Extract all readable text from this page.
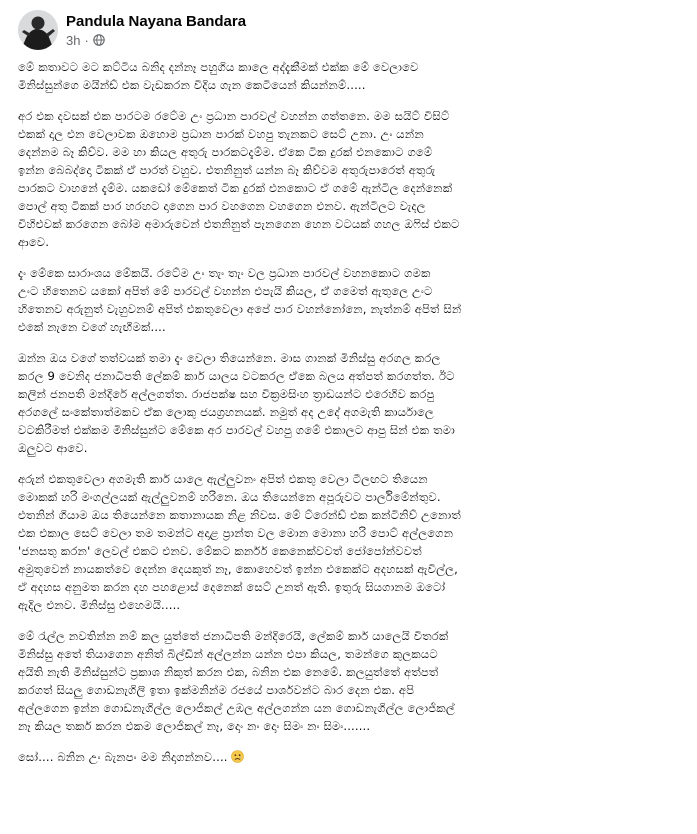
Pandula Nayana Bandara
3h ·

මේ කතාවට මට කට්ටිය බනිද දන්නෑ පහුගිය කාලෙ අද්දැකීමක් එක්ක මේ වෙලාවෙ
මිනිස්සුන්ගෙ මයින්ඩ් එක වැඩකරන විදිය ගැන කෙටියෙන් කියන්නම්.....

අර එක දවසක් එක පාරටම රටේම උං ප්‍රධාන පාරවල් වහන්න ගත්තනෙ. මම සයිට් විසිට්
එකක් දාල එන වෙලාවක ඔහොම ප්‍රධාන පාරක් වහපු තැනකට සෙට් උනා. උං යන්න
දෙන්නම බෑ කිව්ව. මම හා කියල අතුරු පාරකටදැම්ම. ඒකෙ ටික දුරක් එනකොට ගමේ
ඉන්න බෙබද්දො ටිකක් ඒ පාරත් වහුව. එතනිනුත් යන්න බෑ කිව්වම අතුරුපාරෙත් අතුරු
පාරකට වාහනේ දැම්ම. යකඩෝ මේකෙත් ටික දුරක් එනකොට ඒ ගමේ ඇන්ටිල දෙන්නෙක්
පොල් අතු ටිකක් පාර හරහට දාගෙන පාර වහගෙන වහගෙන එනව. ඇන්ටිලට වැදල
විහිළුවක් කරගෙන බෝම අමාරුවෙන් එතනිනුත් පැනගෙන හෙන වටයක් ගහල ඔෆිස් එකට
ආවෙ.

දැං මේකෙ සාරාංශය මේකයි. රටේම උං තැං තැං වල ප්‍රධාන පාරවල් වහනකොට ගමක
උංට හිතෙනව යකෝ අපිත් මේ පාරවල් වහන්න එපැයි කියල, ඒ ගමෙත් ඇතුලෙ උංට
හිතෙනව අරුනුත් වැහුවනම් අපිත් එකතුවෙලා අපේ පාර වහන්නෝනෙ, නැත්නම් අපිත් සින්
එකේ නැනෙ වගේ හැඟීමක්....

ඔන්න ඔය වගේ තත්වයක් තමා දැං වෙලා තියෙන්නෙ. මාස ගානක් මිනිස්සු අරගල කරල
කරල 9 වෙනිද ජනාධිපති ලේකම් කාර් යාලය වටකරල ඒකෙ බලය අත්පත් කරගත්ත. ඊට
කලින් ජනපති මන්දිරේ අල්ලගත්ත. රාජපක්ෂ සහ වික්‍රමසිංහ ත්‍රාඩයන්ට එරෙහිව කරපු
අරගලේ සංකේතාත්මකව ඒක ලොකු ජයග්‍රහනයක්. නමුත් අද උදේ අගමැති කාර්යාලෙ
වටකිරීමත් එක්කම මිනිස්සුන්ට මේකෙ අර පාරවල් වහපු ගමේ එකාලට ආපු සින් එක තමා
ඔලුවට ආවෙ.

අරුන් එකතුවෙලා අගමැති කාර් යාලෙ ඇල්ලුවනං අපිත් එකතු වෙලා ටීලඟට තියෙන
මොකක් හරි මංගල්ලයක් ඇල්ලුවනම් හරිනෙ. ඔය තියෙන්නෙ අපූරුවට පාර්ලිමේන්තුව.
එතනින් ගියාම ඔය තියෙන්නෙ කතානායක නිළ නිවස. මේ ට්රෙන්ඩ් එක කන්ටිනිව් උනොත්
එක එකාල සෙට් වෙලා තම තමන්ට අදාළ ප්‍රාන්ත වල මොන මොනා හරි පොට් අල්ලගෙන
'ජනසතු කරන' ලෙවල් එකට එනව. මේකට කර්නර් කෙනෙක්වවත් ජෝපෝන්වවත්
අමුතුවෙන් නායකත්වෙ දෙන්න දෙයකුත් නෑ, කොහෙවත් ඉන්න එකෙක්ට අදහසක් ඇවිල්ල,
ඒ අදහස අනුමත කරන දහ පහළොස් දෙනෙක් සෙට් උනත් ඇති. ඉතුරු සියගානම ඔටෝ
ඇදිල එනව. මිනිස්සු එහෙමයි.....

මේ රැල්ල නවතින්න නම් කල යුත්තේ ජනාධිපති මන්දිරෙයි, ලේකම් කාර් යාලෙයි විතරක්
මිනිස්සු අතේ තියාගෙන අනිත් බිල්ඩින් අල්ලන්න යන්න එපා කියල, තමන්ගෙ කුලකයට
අයිති නැති මිනිස්සුන්ට ප්‍රකාශ නිකුත් කරන එක, බනින එක නෙමේ. කලයුත්තේ අත්පත්
කරගත් සියලු ගොඩනැගිලි ඉතා ඉක්මනින්ම රජයේ පාර්ශවන්ට බාර දෙන එක. අපි
අල්ලගෙන ඉන්න ගොඩනැගිල්ල ලොජිකල් උඹල අල්ලගන්න යන ගොඩනැගිල්ල ලොජිකල්
නෑ කියල තර්ක කරන එකම ලොජිකල් නෑ, දොං නං දොං සිමං නං සිමං.......

සෝ.... බනින උං බැනපං මම නිදාගන්නව....
